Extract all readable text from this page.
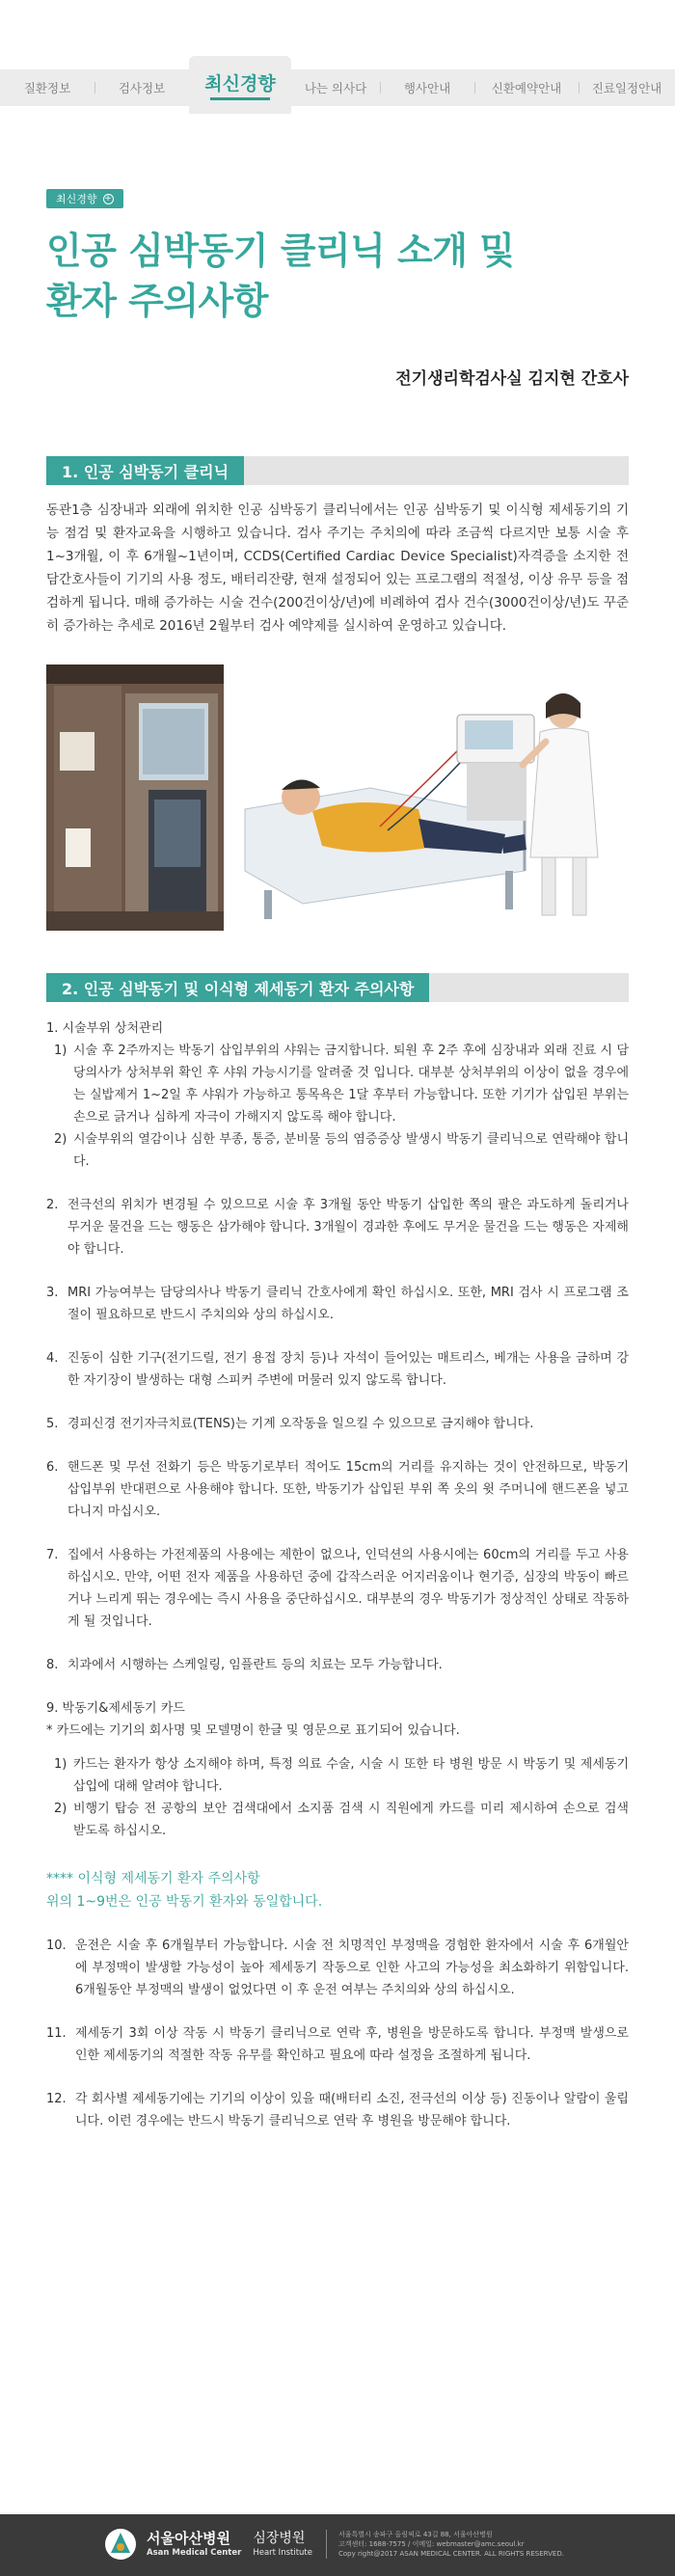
질환정보	검사정보	나는 의사다	행사안내	신환예약안내	진료일정안내
최신경향
최신경향 +
인공 심박동기 클리닉 소개 및
환자 주의사항
전기생리학검사실 김지현 간호사
1. 인공 심박동기 클리닉

동관1층 심장내과 외래에 위치한 인공 심박동기 클리닉에서는 인공 심박동기 및 이식형 제세동기의 기능 점검 및 환자교육을 시행하고 있습니다. 검사 주기는 주치의에 따라 조금씩 다르지만 보통 시술 후 1~3개월, 이 후 6개월~1년이며, CCDS(Certified Cardiac Device Specialist)자격증을 소지한 전담간호사들이 기기의 사용 정도, 배터리잔량, 현재 설정되어 있는 프로그램의 적절성, 이상 유무 등을 점검하게 됩니다. 매해 증가하는 시술 건수(200건이상/년)에 비례하여 검사 건수(3000건이상/년)도 꾸준히 증가하는 추세로 2016년 2월부터 검사 예약제를 실시하여 운영하고 있습니다.

2. 인공 심박동기 및 이식형 제세동기 환자 주의사항
1. 시술부위 상처관리
1) 시술 후 2주까지는 박동기 삽입부위의 샤워는 금지합니다. 퇴원 후 2주 후에 심장내과 외래 진료 시 담당의사가 상처부위 확인 후 샤워 가능시기를 알려줄 것 입니다. 대부분 상처부위의 이상이 없을 경우에는 실밥제거 1~2일 후 샤워가 가능하고 통목욕은 1달 후부터 가능합니다. 또한 기기가 삽입된 부위는 손으로 긁거나 심하게 자극이 가해지지 않도록 해야 합니다.
2) 시술부위의 열감이나 심한 부종, 통증, 분비물 등의 염증증상 발생시 박동기 클리닉으로 연락해야 합니다.
2. 전극선의 위치가 변경될 수 있으므로 시술 후 3개월 동안 박동기 삽입한 쪽의 팔은 과도하게 돌리거나 무거운 물건을 드는 행동은 삼가해야 합니다. 3개월이 경과한 후에도 무거운 물건을 드는 행동은 자제해야 합니다.
3. MRI 가능여부는 담당의사나 박동기 클리닉 간호사에게 확인 하십시오. 또한, MRI 검사 시 프로그램 조절이 필요하므로 반드시 주치의와 상의 하십시오.
4. 진동이 심한 기구(전기드릴, 전기 용접 장치 등)나 자석이 들어있는 매트리스, 베개는 사용을 금하며 강한 자기장이 발생하는 대형 스피커 주변에 머물러 있지 않도록 합니다.
5. 경피신경 전기자극치료(TENS)는 기계 오작동을 일으킬 수 있으므로 금지해야 합니다.
6. 핸드폰 및 무선 전화기 등은 박동기로부터 적어도 15cm의 거리를 유지하는 것이 안전하므로, 박동기 삽입부위 반대편으로 사용해야 합니다. 또한, 박동기가 삽입된 부위 쪽 옷의 윗 주머니에 핸드폰을 넣고 다니지 마십시오.
7. 집에서 사용하는 가전제품의 사용에는 제한이 없으나, 인덕션의 사용시에는 60cm의 거리를 두고 사용 하십시오. 만약, 어떤 전자 제품을 사용하던 중에 갑작스러운 어지러움이나 현기증, 심장의 박동이 빠르거나 느리게 뛰는 경우에는 즉시 사용을 중단하십시오. 대부분의 경우 박동기가 정상적인 상태로 작동하게 될 것입니다.
8. 치과에서 시행하는 스케일링, 임플란트 등의 치료는 모두 가능합니다.
9. 박동기&제세동기 카드
* 카드에는 기기의 회사명 및 모델명이 한글 및 영문으로 표기되어 있습니다.
1) 카드는 환자가 항상 소지해야 하며, 특정 의료 수술, 시술 시 또한 타 병원 방문 시 박동기 및 제세동기 삽입에 대해 알려야 합니다.
2) 비행기 탑승 전 공항의 보안 검색대에서 소지품 검색 시 직원에게 카드를 미리 제시하여 손으로 검색 받도록 하십시오.
**** 이식형 제세동기 환자 주의사항
위의 1~9번은 인공 박동기 환자와 동일합니다.
10. 운전은 시술 후 6개월부터 가능합니다. 시술 전 치명적인 부정맥을 경험한 환자에서 시술 후 6개월안에 부정맥이 발생할 가능성이 높아 제세동기 작동으로 인한 사고의 가능성을 최소화하기 위함입니다. 6개월동안 부정맥의 발생이 없었다면 이 후 운전 여부는 주치의와 상의 하십시오.
11. 제세동기 3회 이상 작동 시 박동기 클리닉으로 연락 후, 병원을 방문하도록 합니다. 부정맥 발생으로 인한 제세동기의 적절한 작동 유무를 확인하고 필요에 따라 설정을 조절하게 됩니다.
12. 각 회사별 제세동기에는 기기의 이상이 있을 때(배터리 소진, 전극선의 이상 등) 진동이나 알람이 울립니다. 이런 경우에는 반드시 박동기 클리닉으로 연락 후 병원을 방문해야 합니다.
서울아산병원
Asan Medical Center
심장병원
Heart Institute
서울특별시 송파구 올림픽로 43길 88, 서울아산병원
고객센터: 1688-7575 / 이메일: webmaster@amc.seoul.kr
Copy right@2017 ASAN MEDICAL CENTER. ALL RIGHTS RESERVED.
